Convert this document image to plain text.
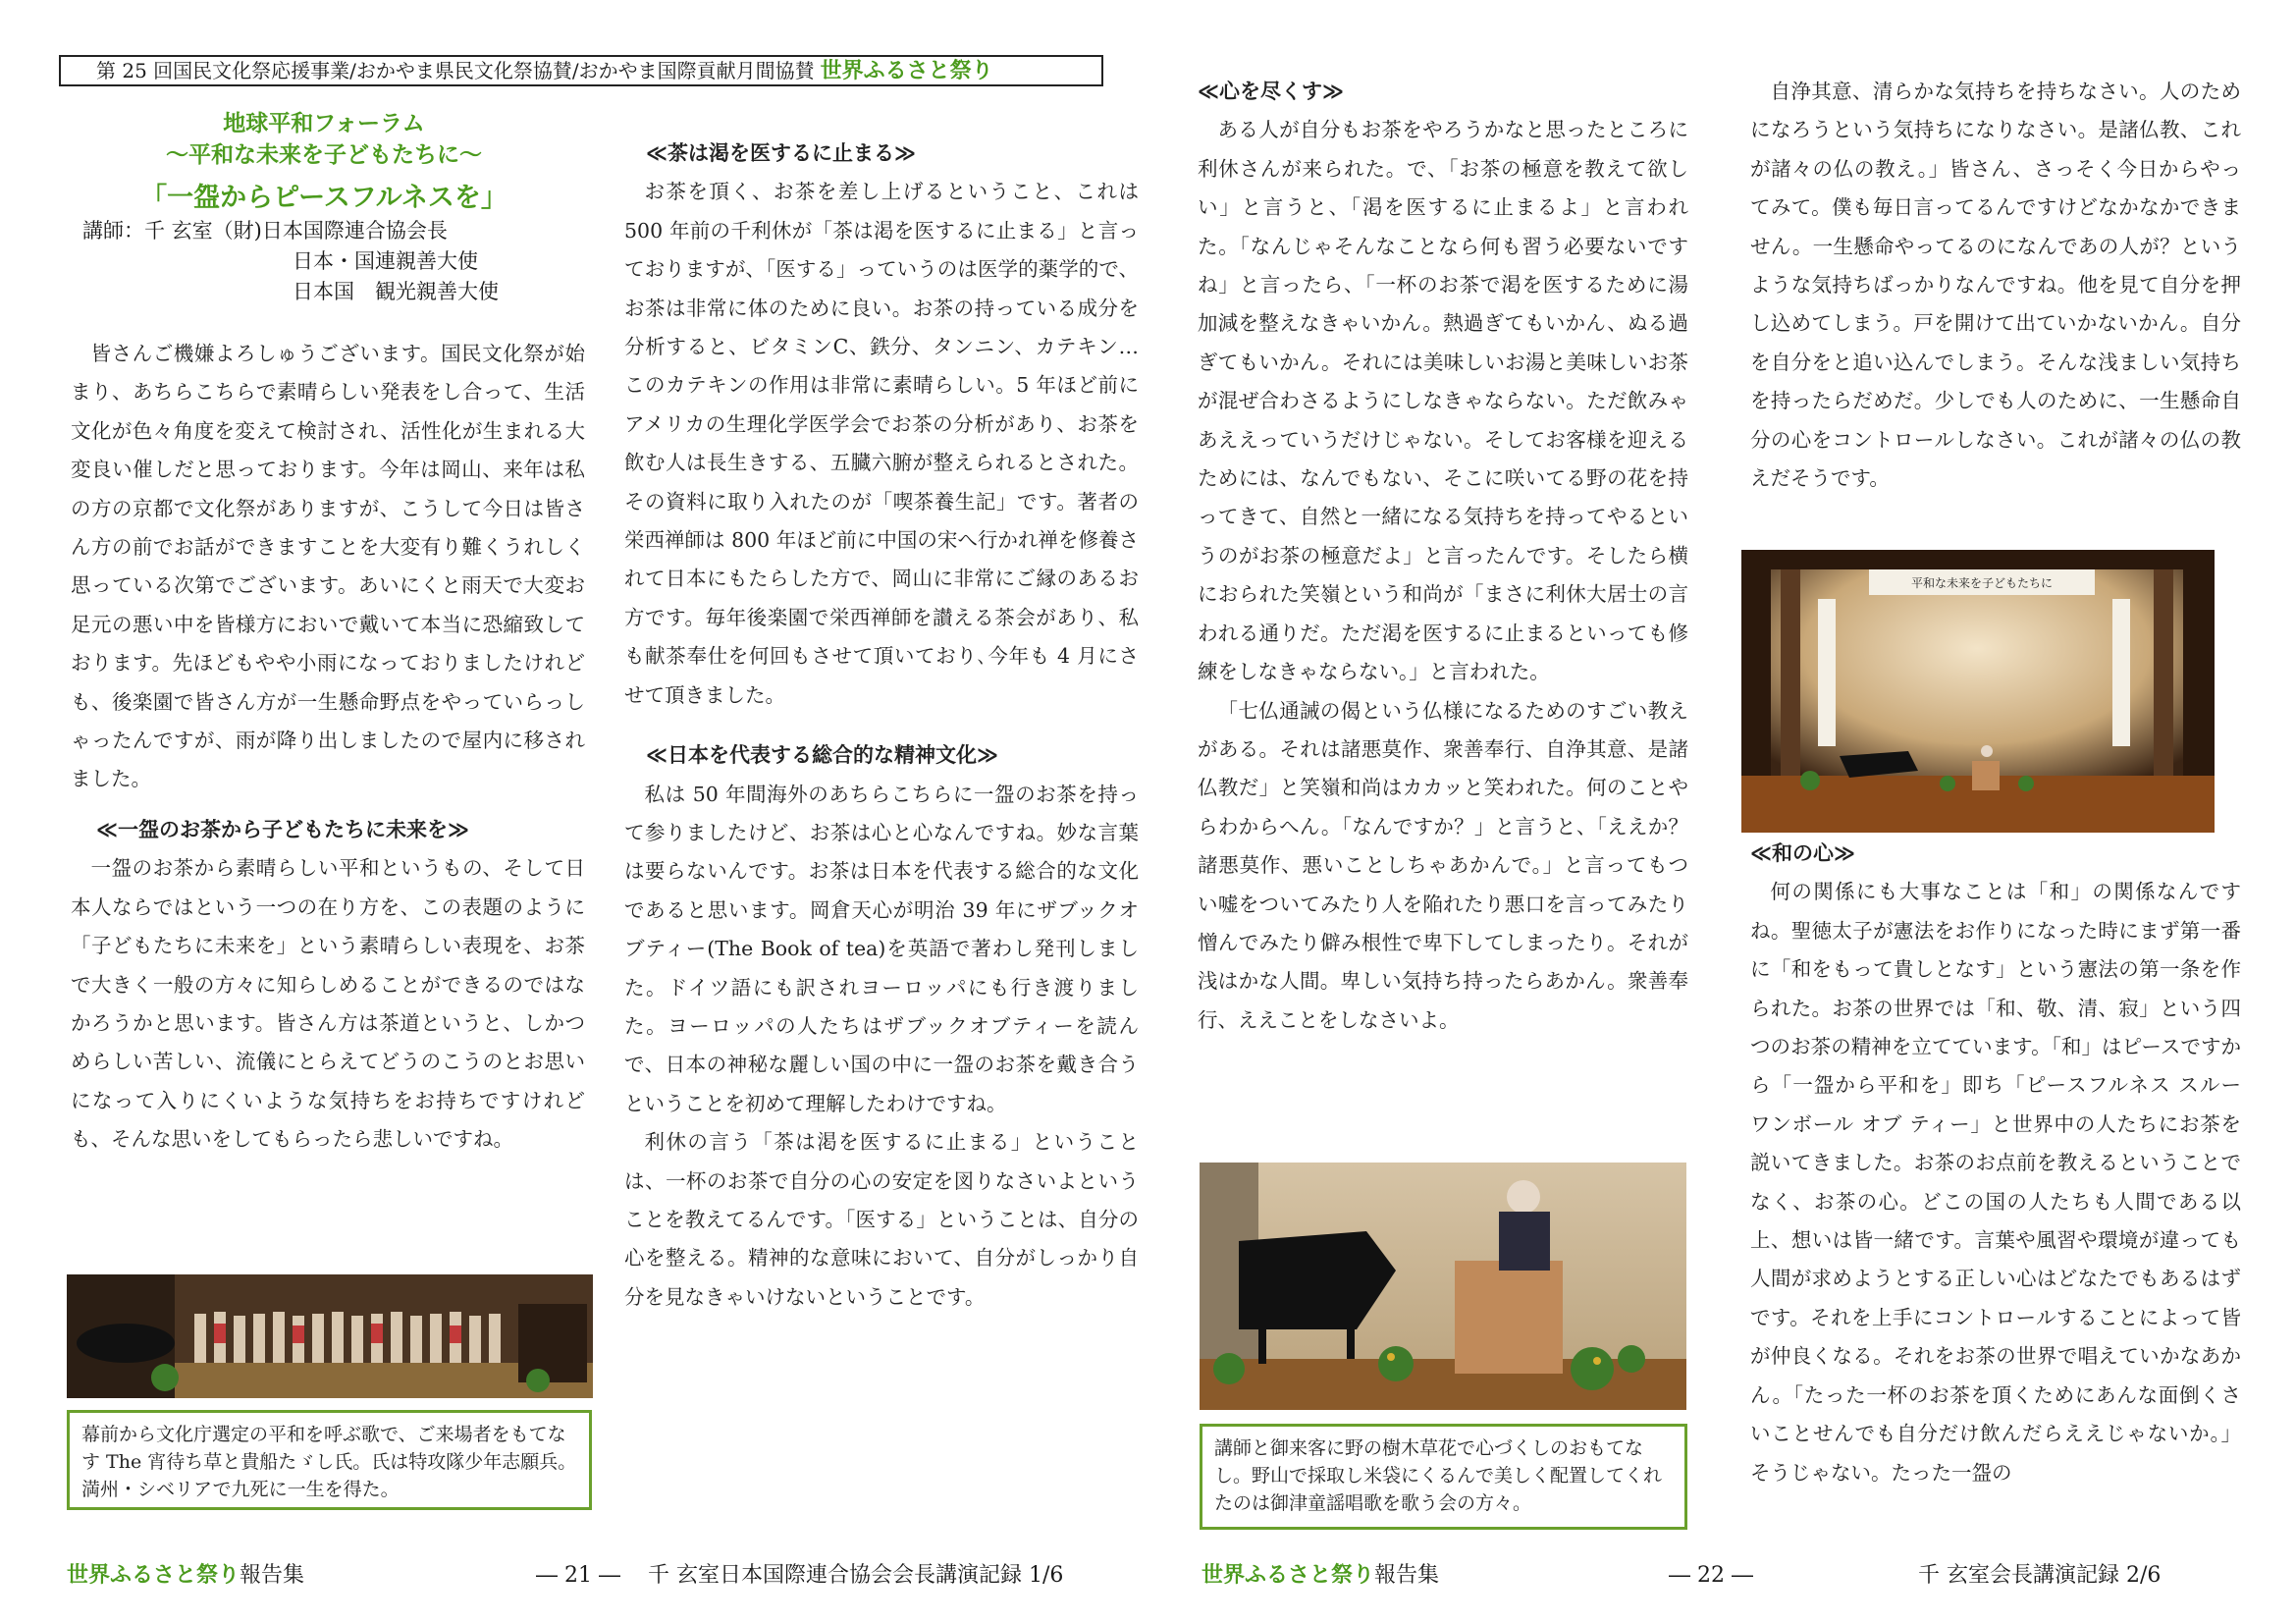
第 25 回国民文化祭応援事業/おかやま県民文化祭協賛/おかやま国際貢献月間協賛 世界ふるさと祭り
地球平和フォーラム
～平和な未来を子どもたちに～
「一盌からピースフルネスを」
講師：千 玄室（財)日本国際連合協会長
日本・国連親善大使
日本国　観光親善大使

皆さんご機嫌よろしゅうございます。国民文化祭が始まり、あちらこちらで素晴らしい発表をし合って、生活文化が色々角度を変えて検討され、活性化が生まれる大変良い催しだと思っております。今年は岡山、来年は私の方の京都で文化祭がありますが、こうして今日は皆さん方の前でお話ができますことを大変有り難くうれしく思っている次第でございます。あいにくと雨天で大変お足元の悪い中を皆様方においで戴いて本当に恐縮致しております。先ほどもやや小雨になっておりましたけれども、後楽園で皆さん方が一生懸命野点をやっていらっしゃったんですが、雨が降り出しましたので屋内に移されました。

≪一盌のお茶から子どもたちに未来を≫

一盌のお茶から素晴らしい平和というもの、そして日本人ならではという一つの在り方を、この表題のように「子どもたちに未来を」という素晴らしい表現を、お茶で大きく一般の方々に知らしめることができるのではなかろうかと思います。皆さん方は茶道というと、しかつめらしい苦しい、流儀にとらえてどうのこうのとお思いになって入りにくいような気持ちをお持ちですけれども、そんな思いをしてもらったら悲しいですね。

幕前から文化庁選定の平和を呼ぶ歌で、ご来場者をもてなす The 宵待ち草と貴船たゞし氏。氏は特攻隊少年志願兵。満州・シベリアで九死に一生を得た。
≪茶は渇を医するに止まる≫

お茶を頂く、お茶を差し上げるということ、これは 500 年前の千利休が「茶は渇を医するに止まる」と言っておりますが、「医する」っていうのは医学的薬学的で、お茶は非常に体のために良い。お茶の持っている成分を分析すると、ビタミンC、鉄分、タンニン、カテキン…このカテキンの作用は非常に素晴らしい。5 年ほど前にアメリカの生理化学医学会でお茶の分析があり、お茶を飲む人は長生きする、五臓六腑が整えられるとされた。その資料に取り入れたのが「喫茶養生記」です。著者の栄西禅師は 800 年ほど前に中国の宋へ行かれ禅を修養されて日本にもたらした方で、岡山に非常にご縁のあるお方です。毎年後楽園で栄西禅師を讃える茶会があり、私も献茶奉仕を何回もさせて頂いており､今年も 4 月にさせて頂きました。

≪日本を代表する総合的な精神文化≫

私は 50 年間海外のあちらこちらに一盌のお茶を持って参りましたけど、お茶は心と心なんですね。妙な言葉は要らないんです。お茶は日本を代表する総合的な文化であると思います。岡倉天心が明治 39 年にザブックオブティー(The Book of tea)を英語で著わし発刊しました。ドイツ語にも訳されヨーロッパにも行き渡りました。ヨーロッパの人たちはザブックオブティーを読んで、日本の神秘な麗しい国の中に一盌のお茶を戴き合うということを初めて理解したわけですね。

利休の言う「茶は渇を医するに止まる」ということは、一杯のお茶で自分の心の安定を図りなさいよということを教えてるんです。「医する」ということは、自分の心を整える。精神的な意味において、自分がしっかり自分を見なきゃいけないということです。

≪心を尽くす≫

ある人が自分もお茶をやろうかなと思ったところに利休さんが来られた。で、「お茶の極意を教えて欲しい」と言うと、「渇を医するに止まるよ」と言われた。「なんじゃそんなことなら何も習う必要ないですね」と言ったら、「一杯のお茶で渇を医するために湯加減を整えなきゃいかん。熱過ぎてもいかん、ぬる過ぎてもいかん。それには美味しいお湯と美味しいお茶が混ぜ合わさるようにしなきゃならない。ただ飲みゃあええっていうだけじゃない。そしてお客様を迎えるためには、なんでもない、そこに咲いてる野の花を持ってきて、自然と一緒になる気持ちを持ってやるというのがお茶の極意だよ」と言ったんです。そしたら横におられた笑嶺という和尚が「まさに利休大居士の言われる通りだ。ただ渇を医するに止まるといっても修練をしなきゃならない。」と言われた。

「七仏通誡の偈という仏様になるためのすごい教えがある。それは諸悪莫作、衆善奉行、自浄其意、是諸仏教だ」と笑嶺和尚はカカッと笑われた。何のことやらわからへん。「なんですか？」と言うと、「ええか？諸悪莫作、悪いことしちゃあかんで。」と言ってもつい嘘をついてみたり人を陥れたり悪口を言ってみたり憎んでみたり僻み根性で卑下してしまったり。それが浅はかな人間。卑しい気持ち持ったらあかん。衆善奉行、ええことをしなさいよ。

講師と御来客に野の樹木草花で心づくしのおもてなし。野山で採取し米袋にくるんで美しく配置してくれたのは御津童謡唱歌を歌う会の方々。

自浄其意、清らかな気持ちを持ちなさい。人のためになろうという気持ちになりなさい。是諸仏教、これが諸々の仏の教え。」皆さん、さっそく今日からやってみて。僕も毎日言ってるんですけどなかなかできません。一生懸命やってるのになんであの人が？というような気持ちばっかりなんですね。他を見て自分を押し込めてしまう。戸を開けて出ていかないかん。自分を自分をと追い込んでしまう。そんな浅ましい気持ちを持ったらだめだ。少しでも人のために、一生懸命自分の心をコントロールしなさい。これが諸々の仏の教えだそうです。

平和な未来を子どもたちに
≪和の心≫

何の関係にも大事なことは「和」の関係なんですね。聖徳太子が憲法をお作りになった時にまず第一番に「和をもって貴しとなす」という憲法の第一条を作られた。お茶の世界では「和、敬、清、寂」という四つのお茶の精神を立てています。「和」はピースですから「一盌から平和を」即ち「ピースフルネス スルー ワンボール オブ ティー」と世界中の人たちにお茶を説いてきました。お茶のお点前を教えるということでなく、お茶の心。どこの国の人たちも人間である以上、想いは皆一緒です。言葉や風習や環境が違っても人間が求めようとする正しい心はどなたでもあるはずです。それを上手にコントロールすることによって皆が仲良くなる。それをお茶の世界で唱えていかなあかん。「たった一杯のお茶を頂くためにあんな面倒くさいことせんでも自分だけ飲んだらええじゃないか。」そうじゃない。たった一盌の

世界ふるさと祭り報告集	― 21 ― 千 玄室日本国際連合協会会長講演記録 1/6	世界ふるさと祭り報告集	― 22 ―	千 玄室会長講演記録 2/6
